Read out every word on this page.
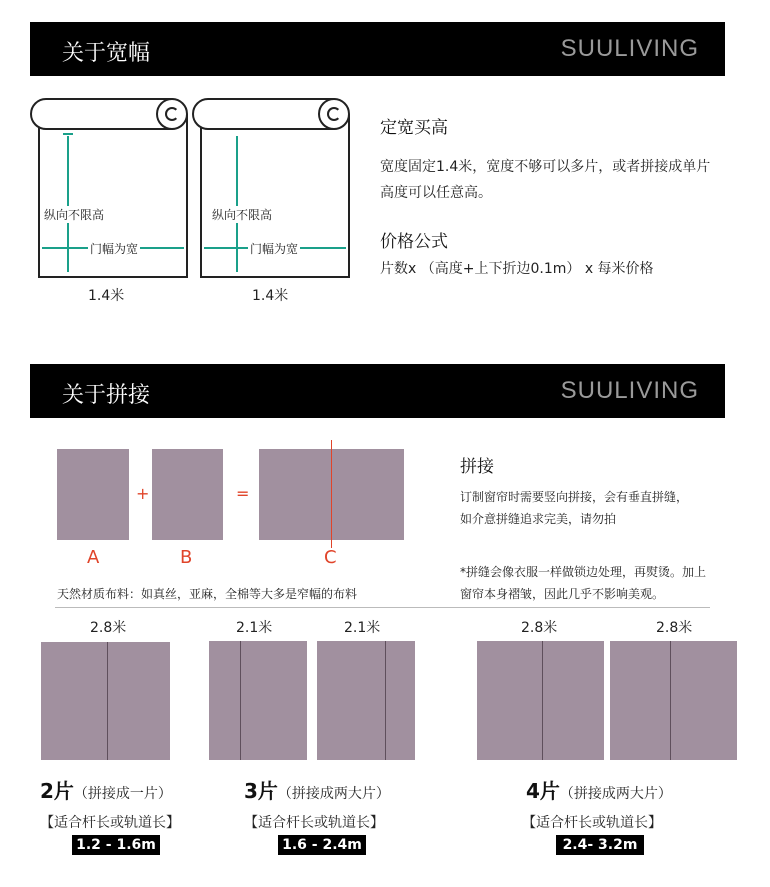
关于宽幅	SUULIVING
纵向不限高
门幅为宽
1.4米
纵向不限高
门幅为宽
1.4米
定宽买高
宽度固定1.4米，宽度不够可以多片，或者拼接成单片
高度可以任意高。
价格公式
片数x （高度+上下折边0.1m） x 每米价格
关于拼接	SUULIVING
+	=
A	B	C
天然材质布料：如真丝，亚麻，全棉等大多是窄幅的布料
拼接
订制窗帘时需要竖向拼接，会有垂直拼缝，
如介意拼缝追求完美，请勿拍
*拼缝会像衣服一样做锁边处理，再熨烫。加上
窗帘本身褶皱，因此几乎不影响美观。
2.8米
2片（拼接成一片）
【适合杆长或轨道长】
1.2 - 1.6m
2.1米	2.1米
3片（拼接成两大片）
【适合杆长或轨道长】
1.6 - 2.4m
2.8米	2.8米
4片（拼接成两大片）
【适合杆长或轨道长】
2.4- 3.2m
